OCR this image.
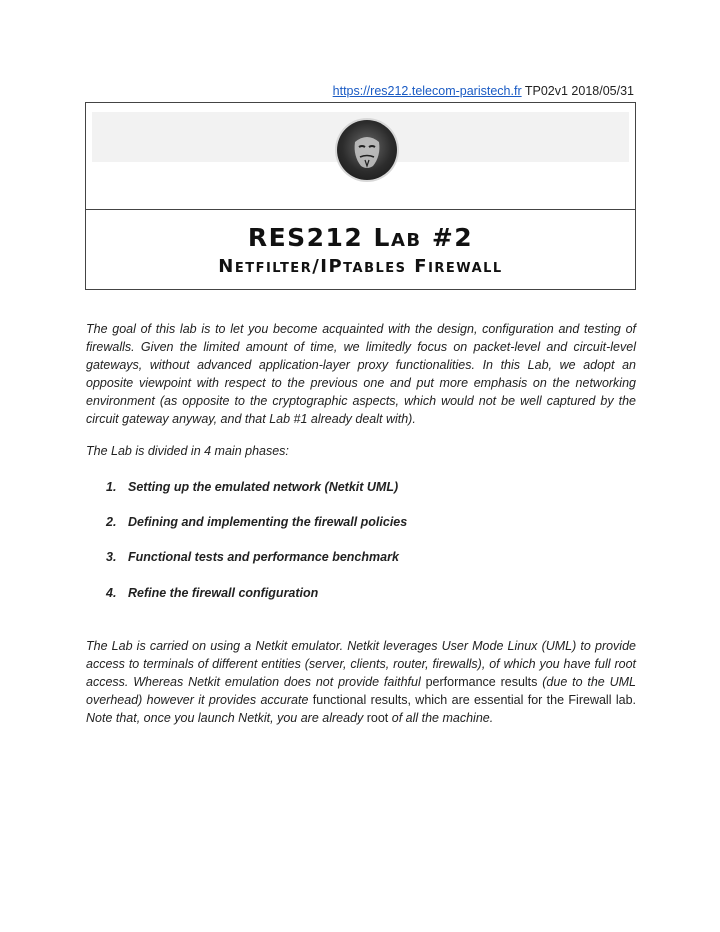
https://res212.telecom-paristech.fr TP02v1 2018/05/31
RES212 Lab #2
Netfilter/IPtables Firewall
The goal of this lab is to let you become acquainted with the design, configuration and testing of firewalls. Given the limited amount of time, we limitedly focus on packet-level and circuit-level gateways, without advanced application-layer proxy functionalities. In this Lab, we adopt an opposite viewpoint with respect to the previous one and put more emphasis on the networking environment (as opposite to the cryptographic aspects, which would not be well captured by the circuit gateway anyway, and that Lab #1 already dealt with).
The Lab is divided in 4 main phases:
1. Setting up the emulated network (Netkit UML)
2. Defining and implementing the firewall policies
3. Functional tests and performance benchmark
4. Refine the firewall configuration
The Lab is carried on using a Netkit emulator. Netkit leverages User Mode Linux (UML) to provide access to terminals of different entities (server, clients, router, firewalls), of which you have full root access. Whereas Netkit emulation does not provide faithful performance results (due to the UML overhead) however it provides accurate functional results, which are essential for the Firewall lab. Note that, once you launch Netkit, you are already root of all the machine.
